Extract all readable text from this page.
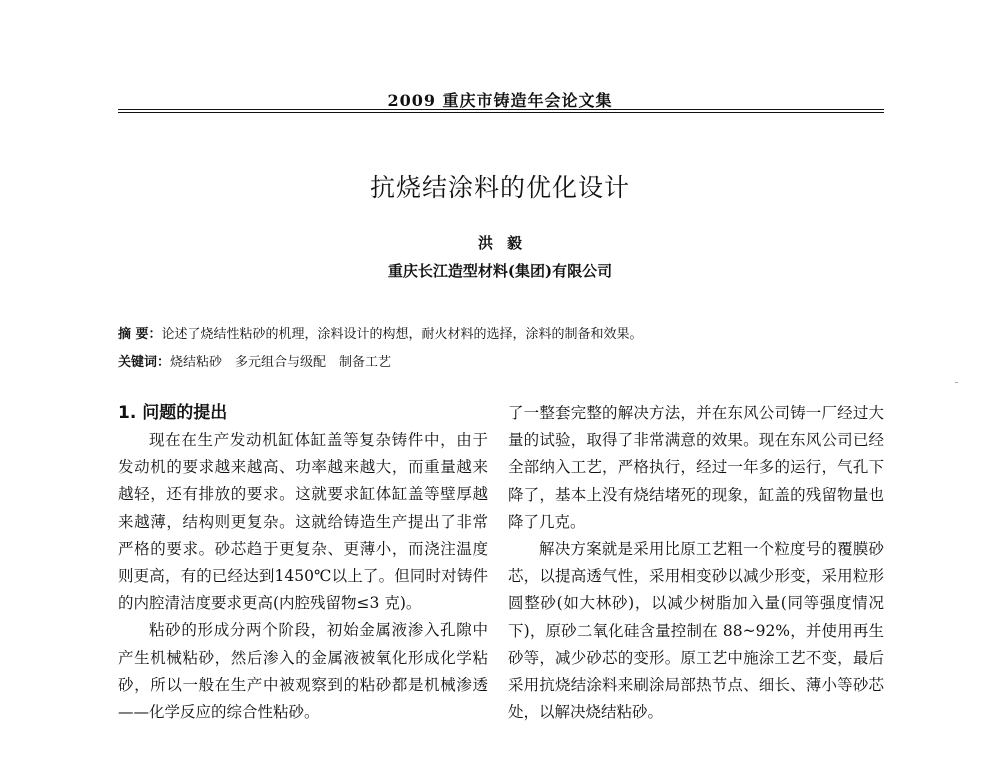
2009 重庆市铸造年会论文集
抗烧结涂料的优化设计
洪毅
重庆长江造型材料(集团)有限公司
摘 要：论述了烧结性粘砂的机理，涂料设计的构想，耐火材料的选择，涂料的制备和效果。
关键词：烧结粘砂　多元组合与级配　制备工艺
1. 问题的提出

现在在生产发动机缸体缸盖等复杂铸件中，由于发动机的要求越来越高、功率越来越大，而重量越来越轻，还有排放的要求。这就要求缸体缸盖等壁厚越来越薄，结构则更复杂。这就给铸造生产提出了非常严格的要求。砂芯趋于更复杂、更薄小，而浇注温度则更高，有的已经达到1450℃以上了。但同时对铸件的内腔清洁度要求更高(内腔残留物≤3 克)。

粘砂的形成分两个阶段，初始金属液渗入孔隙中产生机械粘砂，然后渗入的金属液被氧化形成化学粘砂，所以一般在生产中被观察到的粘砂都是机械渗透——化学反应的综合性粘砂。

了一整套完整的解决方法，并在东风公司铸一厂经过大量的试验，取得了非常满意的效果。现在东风公司已经全部纳入工艺，严格执行，经过一年多的运行，气孔下降了，基本上没有烧结堵死的现象，缸盖的残留物量也降了几克。

解决方案就是采用比原工艺粗一个粒度号的覆膜砂芯，以提高透气性，采用相变砂以减少形变，采用粒形圆整砂(如大林砂)，以减少树脂加入量(同等强度情况下)，原砂二氧化硅含量控制在 88~92%，并使用再生砂等，减少砂芯的变形。原工艺中施涂工艺不变，最后采用抗烧结涂料来刷涂局部热节点、细长、薄小等砂芯处，以解决烧结粘砂。
